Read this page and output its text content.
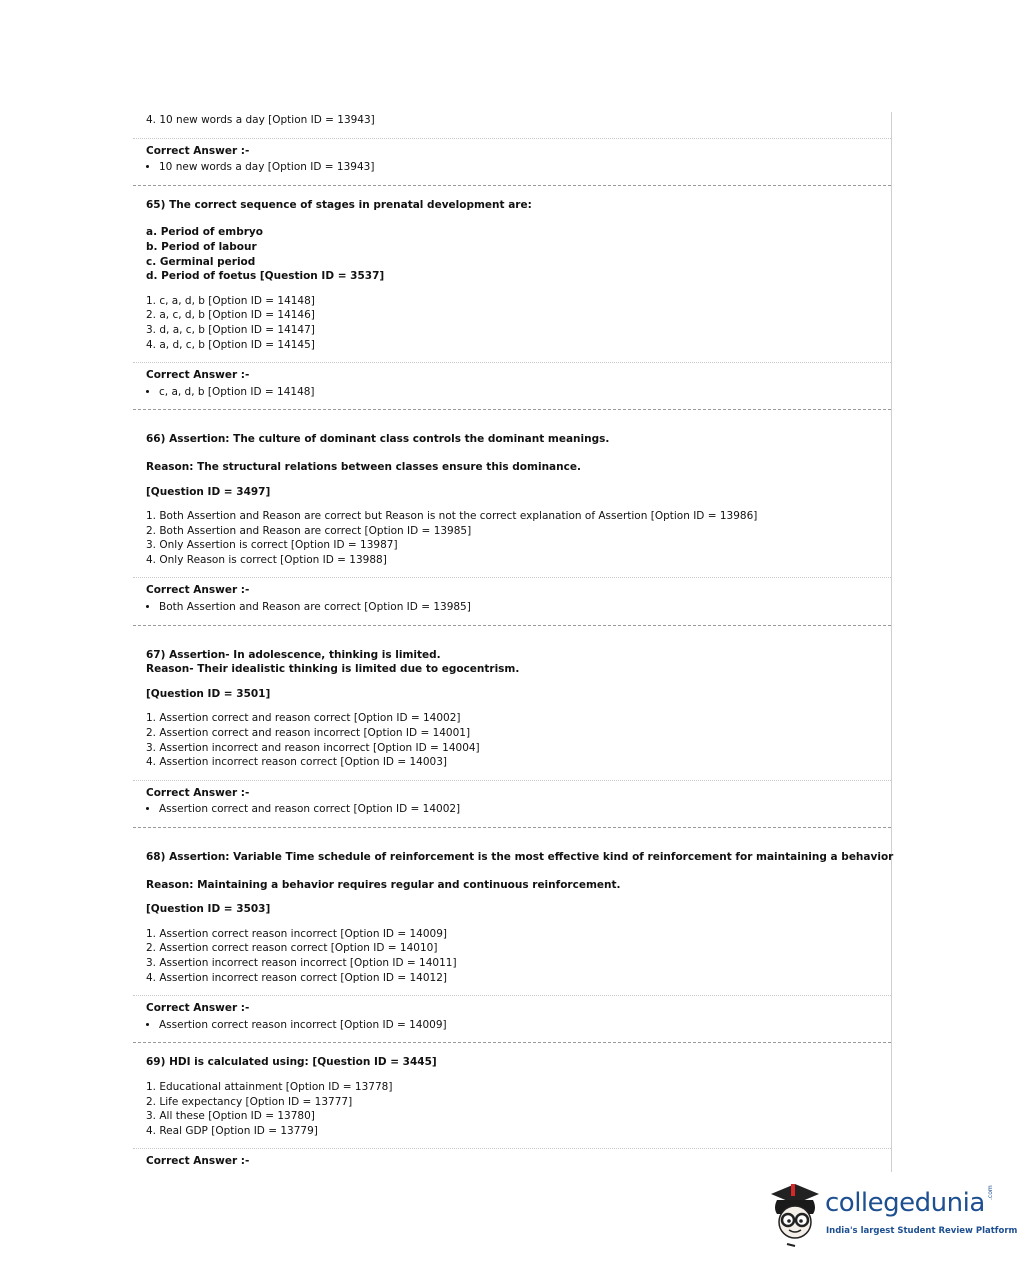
4. 10 new words a day [Option ID = 13943]
Correct Answer :-
• 10 new words a day [Option ID = 13943]
65) The correct sequence of stages in prenatal development are:
a. Period of embryo
b. Period of labour
c. Germinal period
d. Period of foetus [Question ID = 3537]
1. c, a, d, b [Option ID = 14148]
2. a, c, d, b [Option ID = 14146]
3. d, a, c, b [Option ID = 14147]
4. a, d, c, b [Option ID = 14145]
Correct Answer :-
• c, a, d, b [Option ID = 14148]
66) Assertion: The culture of dominant class controls the dominant meanings.
Reason: The structural relations between classes ensure this dominance.
[Question ID = 3497]
1. Both Assertion and Reason are correct but Reason is not the correct explanation of Assertion [Option ID = 13986]
2. Both Assertion and Reason are correct [Option ID = 13985]
3. Only Assertion is correct [Option ID = 13987]
4. Only Reason is correct [Option ID = 13988]
Correct Answer :-
• Both Assertion and Reason are correct [Option ID = 13985]
67) Assertion- In adolescence, thinking is limited.
Reason- Their idealistic thinking is limited due to egocentrism.
[Question ID = 3501]
1. Assertion correct and reason correct [Option ID = 14002]
2. Assertion correct and reason incorrect [Option ID = 14001]
3. Assertion incorrect and reason incorrect [Option ID = 14004]
4. Assertion incorrect reason correct [Option ID = 14003]
Correct Answer :-
• Assertion correct and reason correct [Option ID = 14002]
68) Assertion: Variable Time schedule of reinforcement is the most effective kind of reinforcement for maintaining a behavior
Reason: Maintaining a behavior requires regular and continuous reinforcement.
[Question ID = 3503]
1. Assertion correct reason incorrect [Option ID = 14009]
2. Assertion correct reason correct [Option ID = 14010]
3. Assertion incorrect reason incorrect [Option ID = 14011]
4. Assertion incorrect reason correct [Option ID = 14012]
Correct Answer :-
• Assertion correct reason incorrect [Option ID = 14009]
69) HDI is calculated using: [Question ID = 3445]
1. Educational attainment [Option ID = 13778]
2. Life expectancy [Option ID = 13777]
3. All these [Option ID = 13780]
4. Real GDP [Option ID = 13779]
Correct Answer :-
collegedunia .com
India's largest Student Review Platform
